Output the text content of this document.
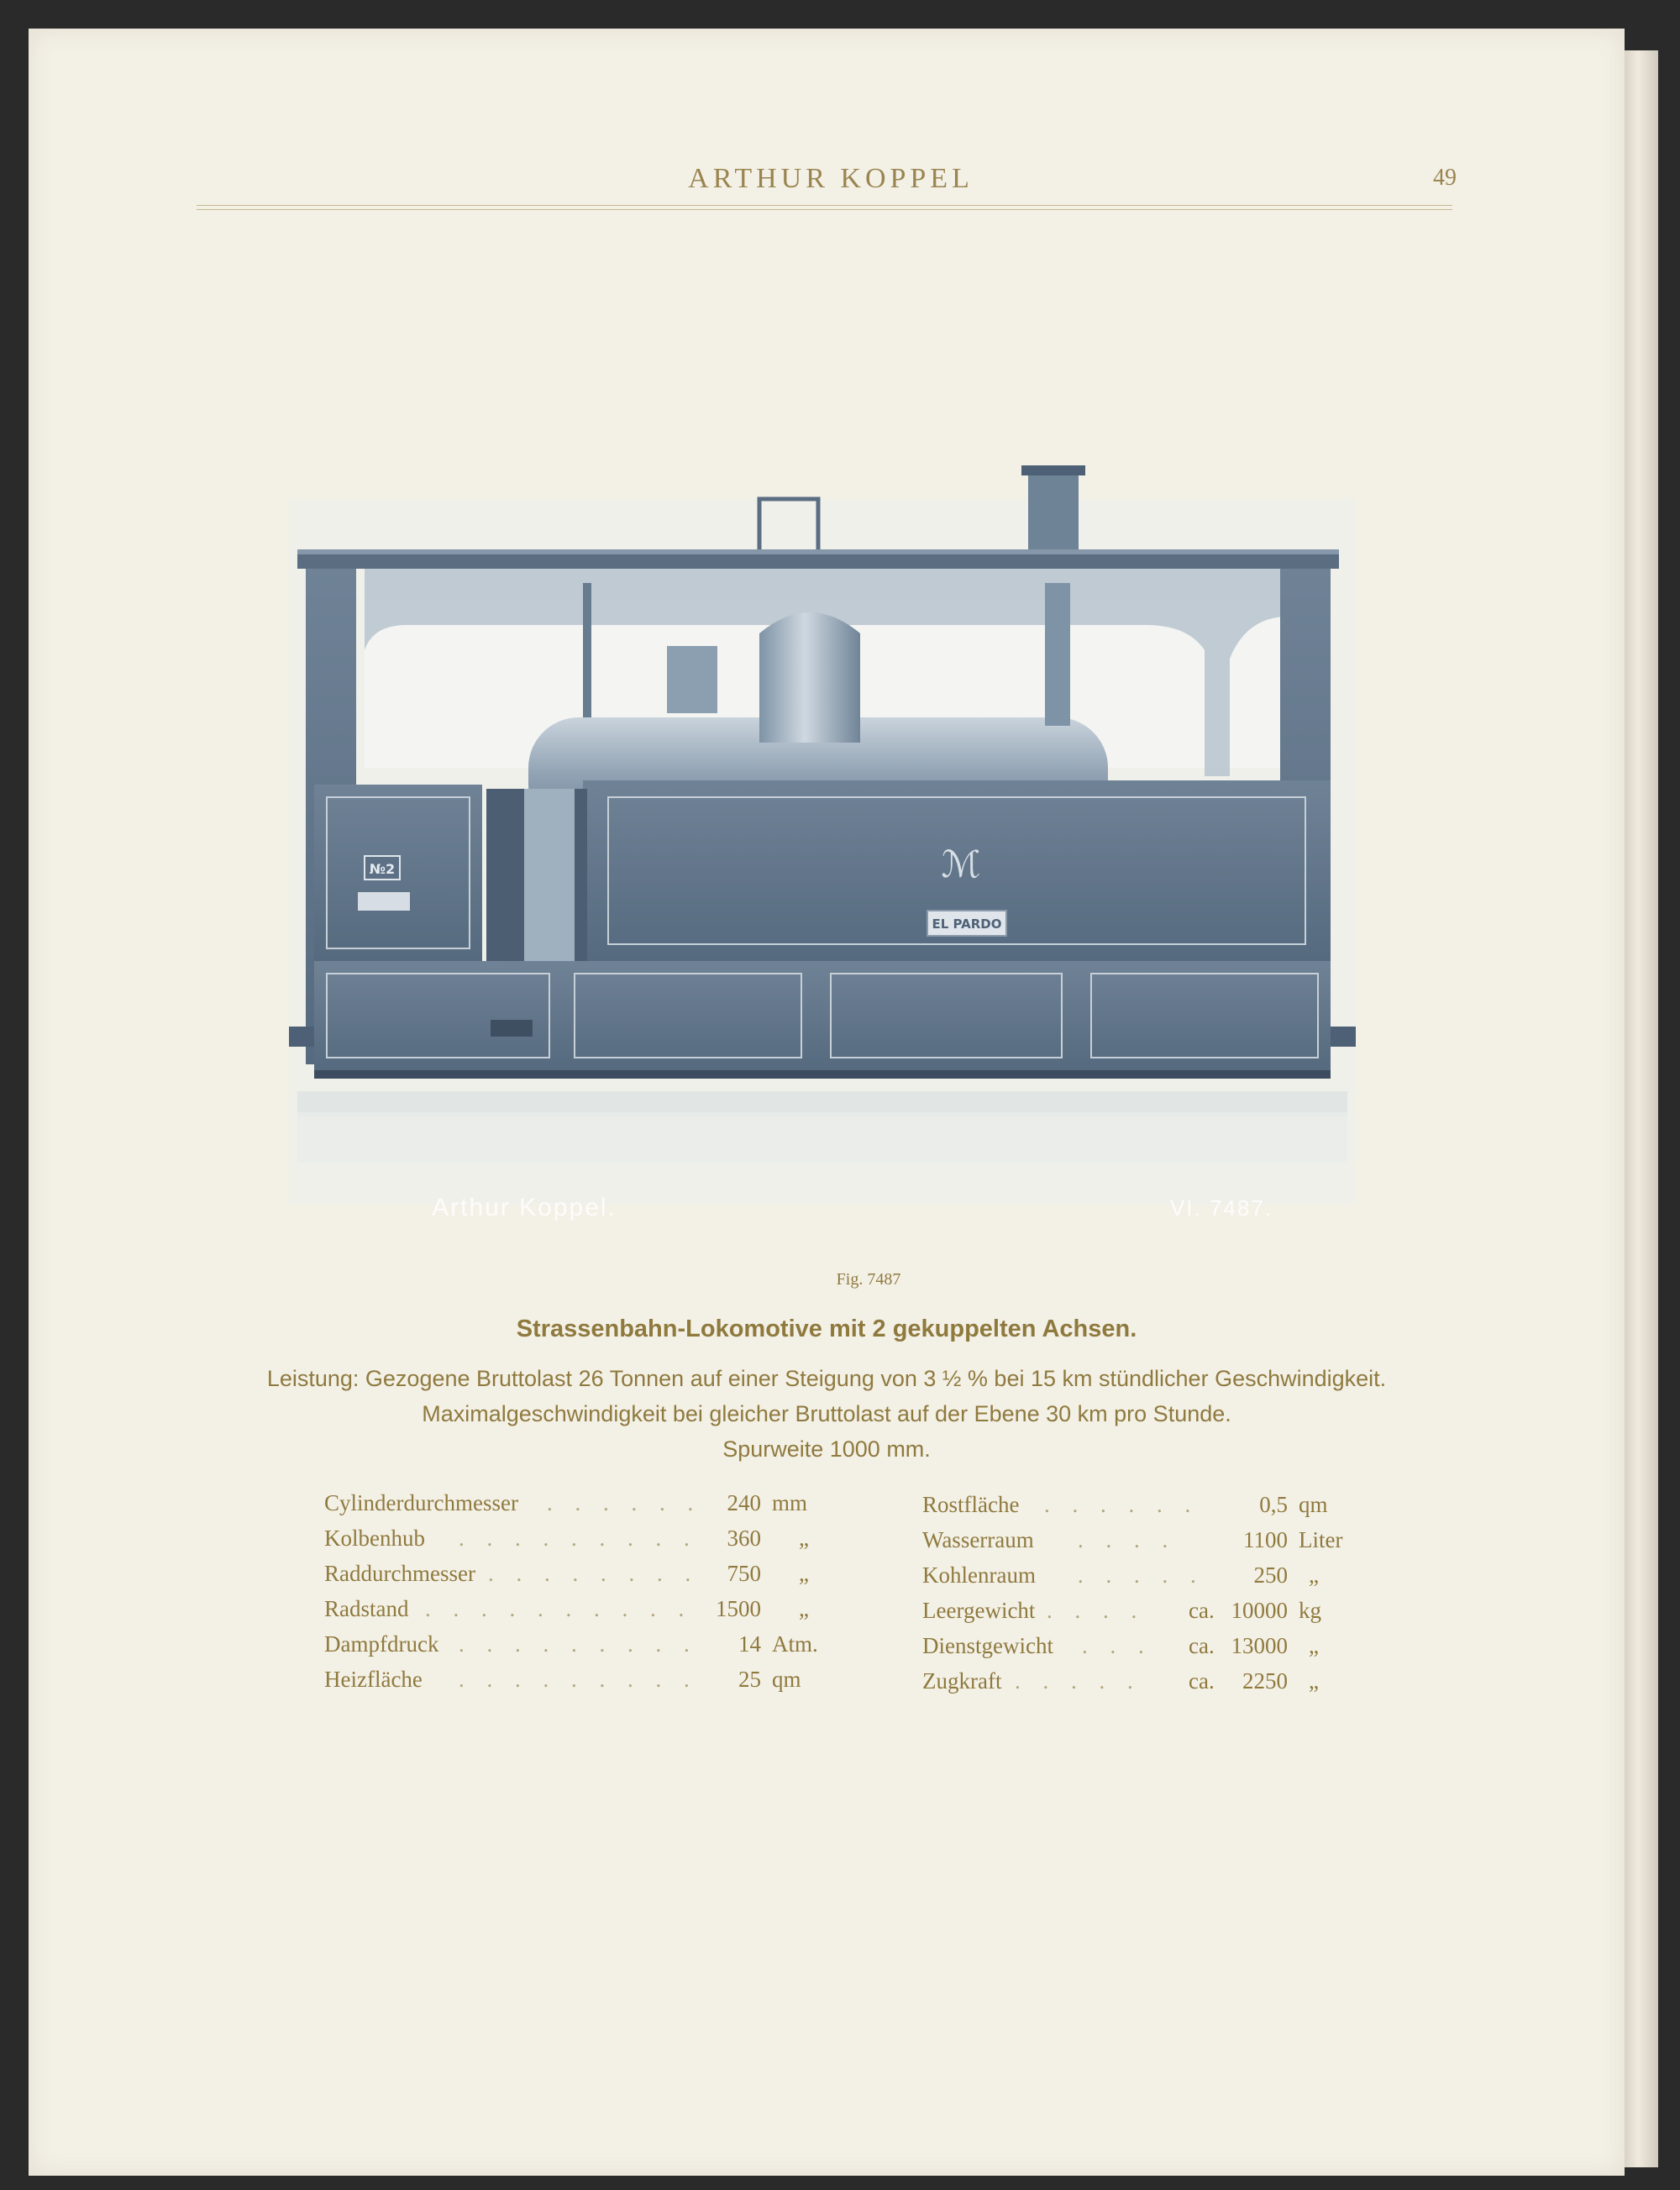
ARTHUR KOPPEL	49
№2	ℳ
EL PARDO
Arthur Koppel.	VI. 7487.
Fig. 7487
Strassenbahn-Lokomotive mit 2 gekuppelten Achsen.
Leistung: Gezogene Bruttolast 26 Tonnen auf einer Steigung von 3 ½ % bei 15 km stündlicher Geschwindigkeit.
Maximalgeschwindigkeit bei gleicher Bruttolast auf der Ebene 30 km pro Stunde.
Spurweite 1000 mm.
Cylinderdurchmesser . . . . . .	240 mm
Kolbenhub . . . . . . . . .	360 „
Raddurchmesser . . . . . . . .	750 „
Radstand . . . . . . . . . .	1500 „
Dampfdruck . . . . . . . . .	14 Atm.
Heizfläche . . . . . . . . .	25 qm
Rostfläche . . . . . .	0,5 qm
Wasserraum . . . .	1100 Liter
Kohlenraum . . . . .	250 „
Leergewicht . . . . ca. 10000 kg
Dienstgewicht . . . ca. 13000 „
Zugkraft . . . . . ca.	2250 „
